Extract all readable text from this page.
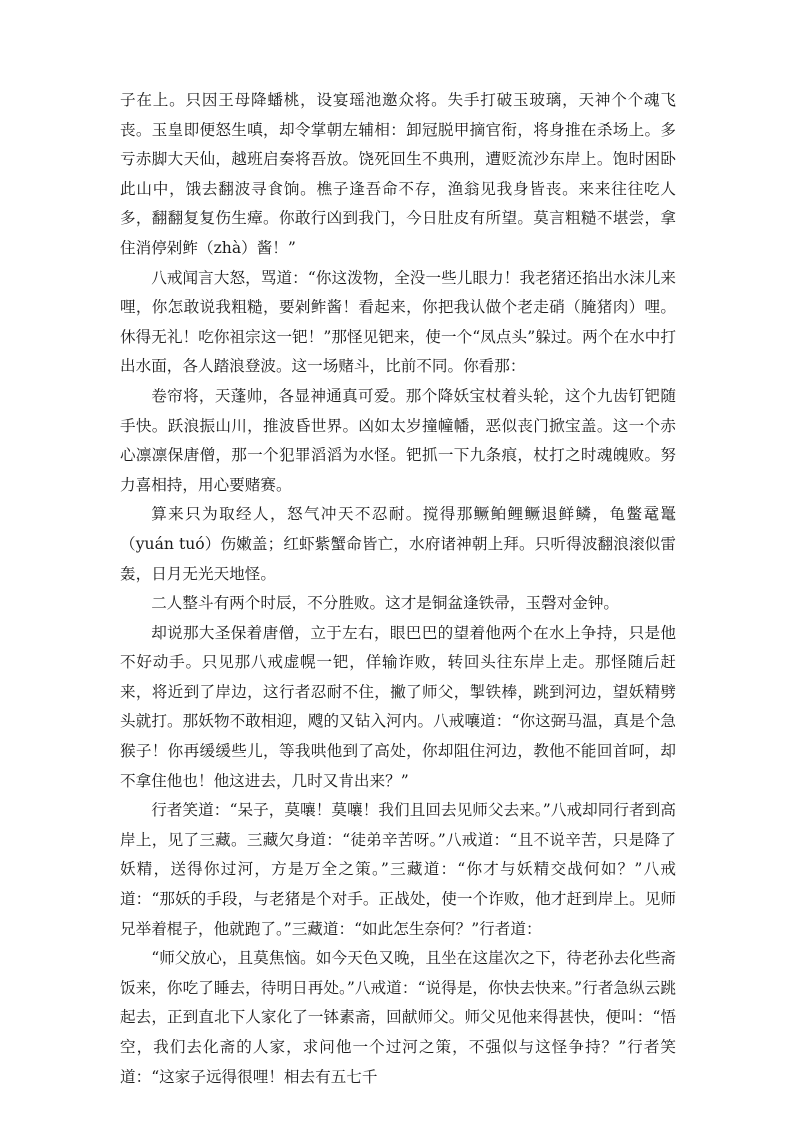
子在上。只因王母降蟠桃，设宴瑶池邀众将。失手打破玉玻璃，天神个个魂飞丧。玉皇即便怒生嗔，却令掌朝左辅相：卸冠脱甲摘官衔，将身推在杀场上。多亏赤脚大天仙，越班启奏将吾放。饶死回生不典刑，遭贬流沙东岸上。饱时困卧此山中，饿去翻波寻食饷。樵子逢吾命不存，渔翁见我身皆丧。来来往往吃人多，翻翻复复伤生瘴。你敢行凶到我门，今日肚皮有所望。莫言粗糙不堪尝，拿住消停剁鲊（zhà）酱！”

八戒闻言大怒，骂道：“你这泼物，全没一些儿眼力！我老猪还掐出水沫儿来哩，你怎敢说我粗糙，要剁鲊酱！看起来，你把我认做个老走硝（腌猪肉）哩。休得无礼！吃你祖宗这一钯！”那怪见钯来，使一个“凤点头”躲过。两个在水中打出水面，各人踏浪登波。这一场赌斗，比前不同。你看那：

卷帘将，天蓬帅，各显神通真可爱。那个降妖宝杖着头轮，这个九齿钉钯随手快。跃浪振山川，推波昏世界。凶如太岁撞幢幡，恶似丧门掀宝盖。这一个赤心凛凛保唐僧，那一个犯罪滔滔为水怪。钯抓一下九条痕，杖打之时魂魄败。努力喜相持，用心要赌赛。

算来只为取经人，怒气冲天不忍耐。搅得那鳜鲌鲤鳜退鲜鳞，龟鳖鼋鼍（yuán tuó）伤嫩盖；红虾紫蟹命皆亡，水府诸神朝上拜。只听得波翻浪滚似雷轰，日月无光天地怪。

二人整斗有两个时辰，不分胜败。这才是铜盆逢铁帚，玉磬对金钟。

却说那大圣保着唐僧，立于左右，眼巴巴的望着他两个在水上争持，只是他不好动手。只见那八戒虚幌一钯，佯输诈败，转回头往东岸上走。那怪随后赶来，将近到了岸边，这行者忍耐不住，撇了师父，掣铁棒，跳到河边，望妖精劈头就打。那妖物不敢相迎，飕的又钻入河内。八戒嚷道：“你这弼马温，真是个急猴子！你再缓缓些儿，等我哄他到了高处，你却阻住河边，教他不能回首呵，却不拿住他也！他这进去，几时又肯出来？”

行者笑道：“呆子，莫嚷！莫嚷！我们且回去见师父去来。”八戒却同行者到高岸上，见了三藏。三藏欠身道：“徒弟辛苦呀。”八戒道：“且不说辛苦，只是降了妖精，送得你过河，方是万全之策。”三藏道：“你才与妖精交战何如？”八戒道：“那妖的手段，与老猪是个对手。正战处，使一个诈败，他才赶到岸上。见师兄举着棍子，他就跑了。”三藏道：“如此怎生奈何？”行者道：

“师父放心，且莫焦恼。如今天色又晚，且坐在这崖次之下，待老孙去化些斋饭来，你吃了睡去，待明日再处。”八戒道：“说得是，你快去快来。”行者急纵云跳起去，正到直北下人家化了一钵素斋，回献师父。师父见他来得甚快，便叫：“悟空，我们去化斋的人家，求问他一个过河之策，不强似与这怪争持？”行者笑道：“这家子远得很哩！相去有五七千
